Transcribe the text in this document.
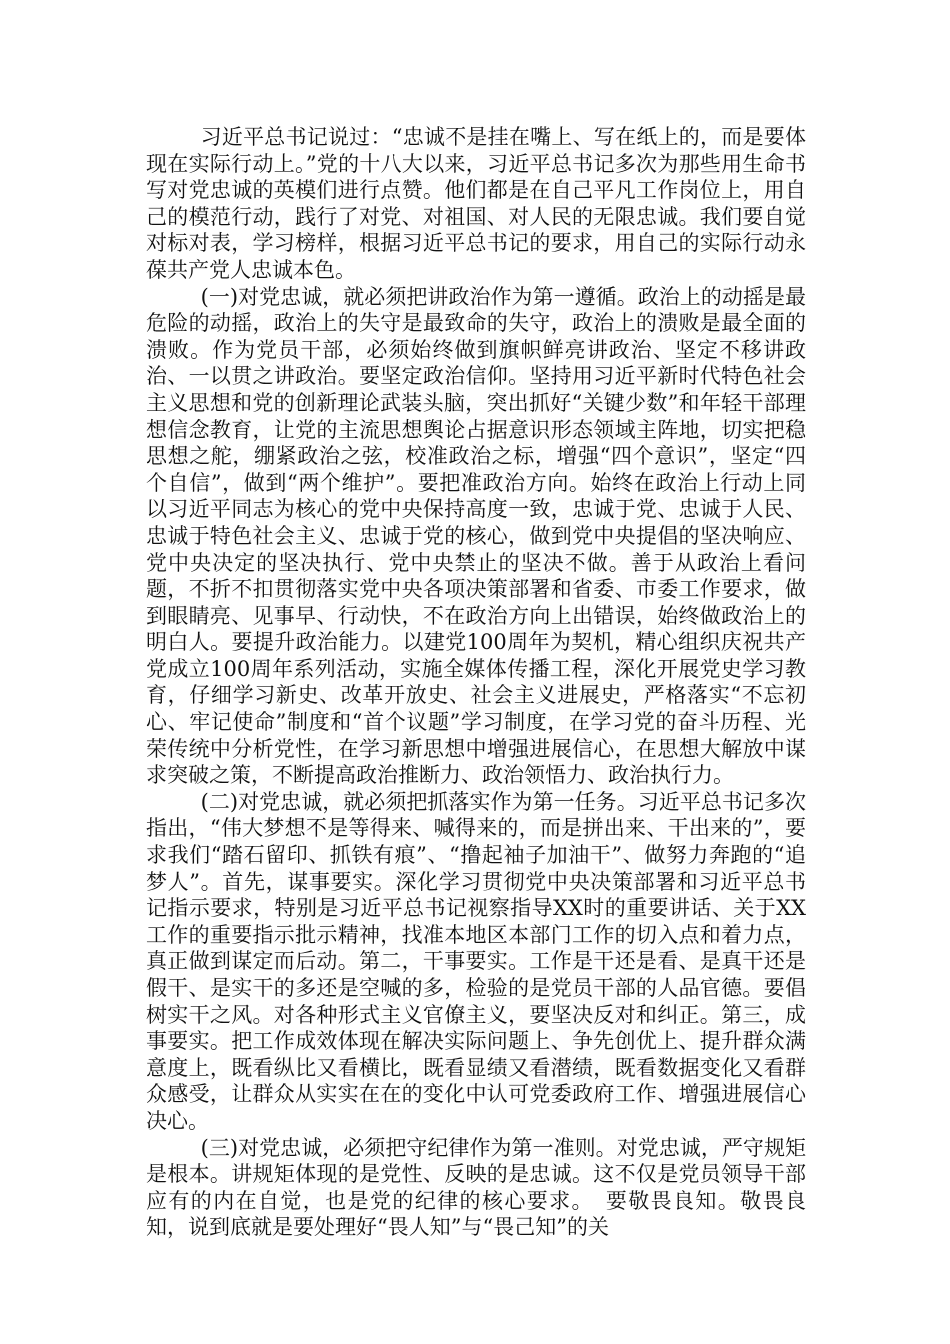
习近平总书记说过：“忠诚不是挂在嘴上、写在纸上的，而是要体现在实际行动上。”党的十八大以来，习近平总书记多次为那些用生命书写对党忠诚的英模们进行点赞。他们都是在自己平凡工作岗位上，用自己的模范行动，践行了对党、对祖国、对人民的无限忠诚。我们要自觉对标对表，学习榜样，根据习近平总书记的要求，用自己的实际行动永葆共产党人忠诚本色。

(一)对党忠诚，就必须把讲政治作为第一遵循。政治上的动摇是最危险的动摇，政治上的失守是最致命的失守，政治上的溃败是最全面的溃败。作为党员干部，必须始终做到旗帜鲜亮讲政治、坚定不移讲政治、一以贯之讲政治。要坚定政治信仰。坚持用习近平新时代特色社会主义思想和党的创新理论武装头脑，突出抓好“关键少数”和年轻干部理想信念教育，让党的主流思想舆论占据意识形态领域主阵地，切实把稳思想之舵，绷紧政治之弦，校准政治之标，增强“四个意识”，坚定“四个自信”，做到“两个维护”。要把准政治方向。始终在政治上行动上同以习近平同志为核心的党中央保持高度一致，忠诚于党、忠诚于人民、忠诚于特色社会主义、忠诚于党的核心，做到党中央提倡的坚决响应、党中央决定的坚决执行、党中央禁止的坚决不做。善于从政治上看问题，不折不扣贯彻落实党中央各项决策部署和省委、市委工作要求，做到眼睛亮、见事早、行动快，不在政治方向上出错误，始终做政治上的明白人。要提升政治能力。以建党100周年为契机，精心组织庆祝共产党成立100周年系列活动，实施全媒体传播工程，深化开展党史学习教育，仔细学习新史、改革开放史、社会主义进展史，严格落实“不忘初心、牢记使命”制度和“首个议题”学习制度，在学习党的奋斗历程、光荣传统中分析党性，在学习新思想中增强进展信心，在思想大解放中谋求突破之策，不断提高政治推断力、政治领悟力、政治执行力。

(二)对党忠诚，就必须把抓落实作为第一任务。习近平总书记多次指出，“伟大梦想不是等得来、喊得来的，而是拼出来、干出来的”，要求我们“踏石留印、抓铁有痕”、“撸起袖子加油干”、做努力奔跑的“追梦人”。首先，谋事要实。深化学习贯彻党中央决策部署和习近平总书记指示要求，特别是习近平总书记视察指导XX时的重要讲话、关于XX工作的重要指示批示精神，找准本地区本部门工作的切入点和着力点，真正做到谋定而后动。第二，干事要实。工作是干还是看、是真干还是假干、是实干的多还是空喊的多，检验的是党员干部的人品官德。要倡树实干之风。对各种形式主义官僚主义，要坚决反对和纠正。第三，成事要实。把工作成效体现在解决实际问题上、争先创优上、提升群众满意度上，既看纵比又看横比，既看显绩又看潜绩，既看数据变化又看群众感受，让群众从实实在在的变化中认可党委政府工作、增强进展信心决心。

(三)对党忠诚，必须把守纪律作为第一准则。对党忠诚，严守规矩是根本。讲规矩体现的是党性、反映的是忠诚。这不仅是党员领导干部应有的内在自觉，也是党的纪律的核心要求。　要敬畏良知。敬畏良知，说到底就是要处理好“畏人知”与“畏己知”的关
